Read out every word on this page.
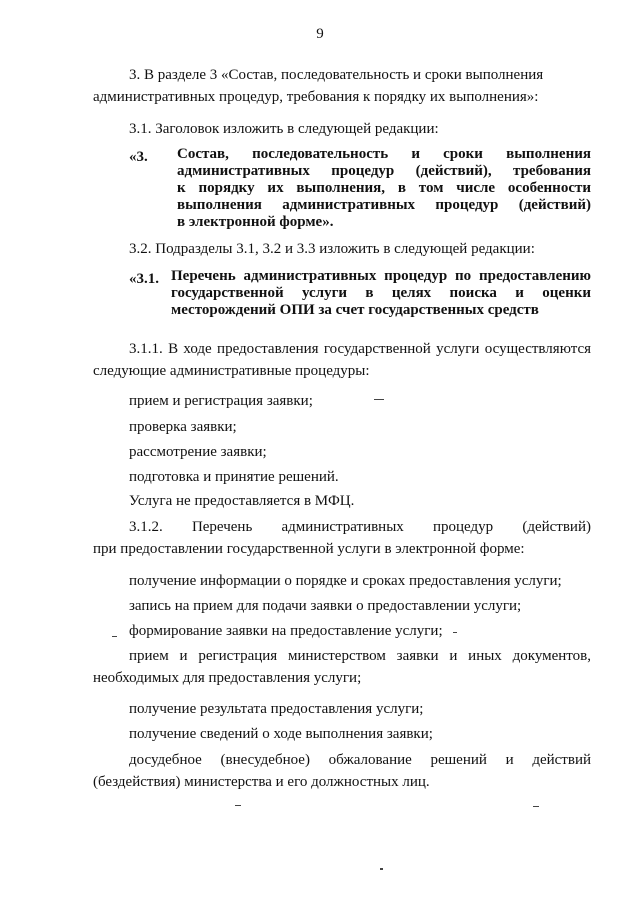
9
3. В разделе 3 «Состав, последовательность и сроки выполнения
административных процедур, требования к порядку их выполнения»:
3.1. Заголовок изложить в следующей редакции:
«3. Состав, последовательность и сроки выполнения
административных процедур (действий), требования
к порядку их выполнения, в том числе особенности
выполнения административных процедур (действий)
в электронной форме».
3.2. Подразделы 3.1, 3.2 и 3.3 изложить в следующей редакции:
«3.1. Перечень административных процедур по предоставлению
государственной услуги в целях поиска и оценки
месторождений ОПИ за счет государственных средств
3.1.1. В ходе предоставления государственной услуги осуществляются
следующие административные процедуры:
прием и регистрация заявки;
проверка заявки;
рассмотрение заявки;
подготовка и принятие решений.
Услуга не предоставляется в МФЦ.
3.1.2. Перечень административных процедур (действий)
при предоставлении государственной услуги в электронной форме:
получение информации о порядке и сроках предоставления услуги;
запись на прием для подачи заявки о предоставлении услуги;
формирование заявки на предоставление услуги;
прием и регистрация министерством заявки и иных документов,
необходимых для предоставления услуги;
получение результата предоставления услуги;
получение сведений о ходе выполнения заявки;
досудебное (внесудебное) обжалование решений и действий
(бездействия) министерства и его должностных лиц.
